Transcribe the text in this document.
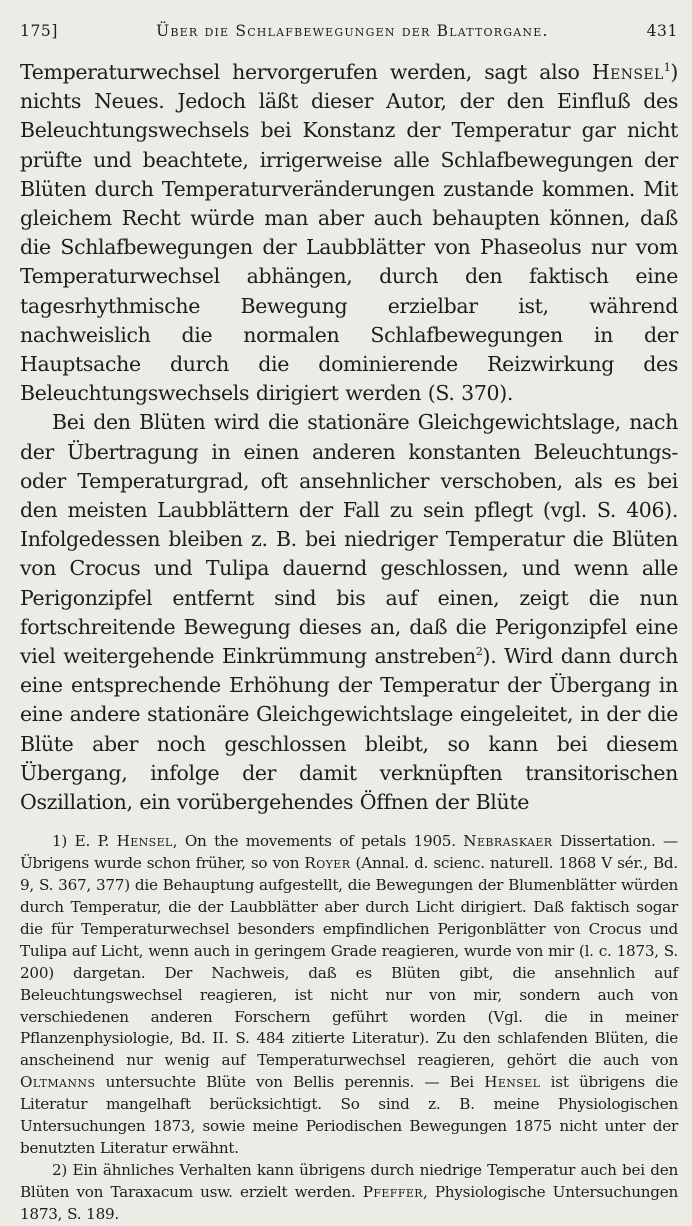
175]	Über die Schlafbewegungen der Blattorgane.	431

Temperaturwechsel hervorgerufen werden, sagt also Hensel$^1$) nichts Neues. Jedoch läßt dieser Autor, der den Einfluß des Beleuchtungswechsels bei Konstanz der Temperatur gar nicht prüfte und beachtete, irrigerweise alle Schlafbewegungen der Blüten durch Temperaturveränderungen zustande kommen. Mit gleichem Recht würde man aber auch behaupten können, daß die Schlafbewegungen der Laubblätter von Phaseolus nur vom Temperaturwechsel abhängen, durch den faktisch eine tagesrhythmische Bewegung erzielbar ist, während nachweislich die normalen Schlafbewegungen in der Hauptsache durch die dominierende Reizwirkung des Beleuchtungswechsels dirigiert werden (S. 370).

Bei den Blüten wird die stationäre Gleichgewichtslage, nach der Übertragung in einen anderen konstanten Beleuchtungs- oder Temperaturgrad, oft ansehnlicher verschoben, als es bei den meisten Laubblättern der Fall zu sein pflegt (vgl. S. 406). Infolgedessen bleiben z. B. bei niedriger Temperatur die Blüten von Crocus und Tulipa dauernd geschlossen, und wenn alle Perigonzipfel entfernt sind bis auf einen, zeigt die nun fortschreitende Bewegung dieses an, daß die Perigonzipfel eine viel weitergehende Einkrümmung anstreben$^2$). Wird dann durch eine entsprechende Erhöhung der Temperatur der Übergang in eine andere stationäre Gleichgewichtslage eingeleitet, in der die Blüte aber noch geschlossen bleibt, so kann bei diesem Übergang, infolge der damit verknüpften transitorischen Oszillation, ein vorübergehendes Öffnen der Blüte

1) E. P. Hensel, On the movements of petals 1905. Nebraskaer Dissertation. — Übrigens wurde schon früher, so von Royer (Annal. d. scienc. naturell. 1868 V sér., Bd. 9, S. 367, 377) die Behauptung aufgestellt, die Bewegungen der Blumenblätter würden durch Temperatur, die der Laubblätter aber durch Licht dirigiert. Daß faktisch sogar die für Temperaturwechsel besonders empfindlichen Perigonblätter von Crocus und Tulipa auf Licht, wenn auch in geringem Grade reagieren, wurde von mir (l. c. 1873, S. 200) dargetan. Der Nachweis, daß es Blüten gibt, die ansehnlich auf Beleuchtungswechsel reagieren, ist nicht nur von mir, sondern auch von verschiedenen anderen Forschern geführt worden (Vgl. die in meiner Pflanzenphysiologie, Bd. II. S. 484 zitierte Literatur). Zu den schlafenden Blüten, die anscheinend nur wenig auf Temperaturwechsel reagieren, gehört die auch von Oltmanns untersuchte Blüte von Bellis perennis. — Bei Hensel ist übrigens die Literatur mangelhaft berücksichtigt. So sind z. B. meine Physiologischen Untersuchungen 1873, sowie meine Periodischen Bewegungen 1875 nicht unter der benutzten Literatur erwähnt.

2) Ein ähnliches Verhalten kann übrigens durch niedrige Temperatur auch bei den Blüten von Taraxacum usw. erzielt werden. Pfeffer, Physiologische Untersuchungen 1873, S. 189.
